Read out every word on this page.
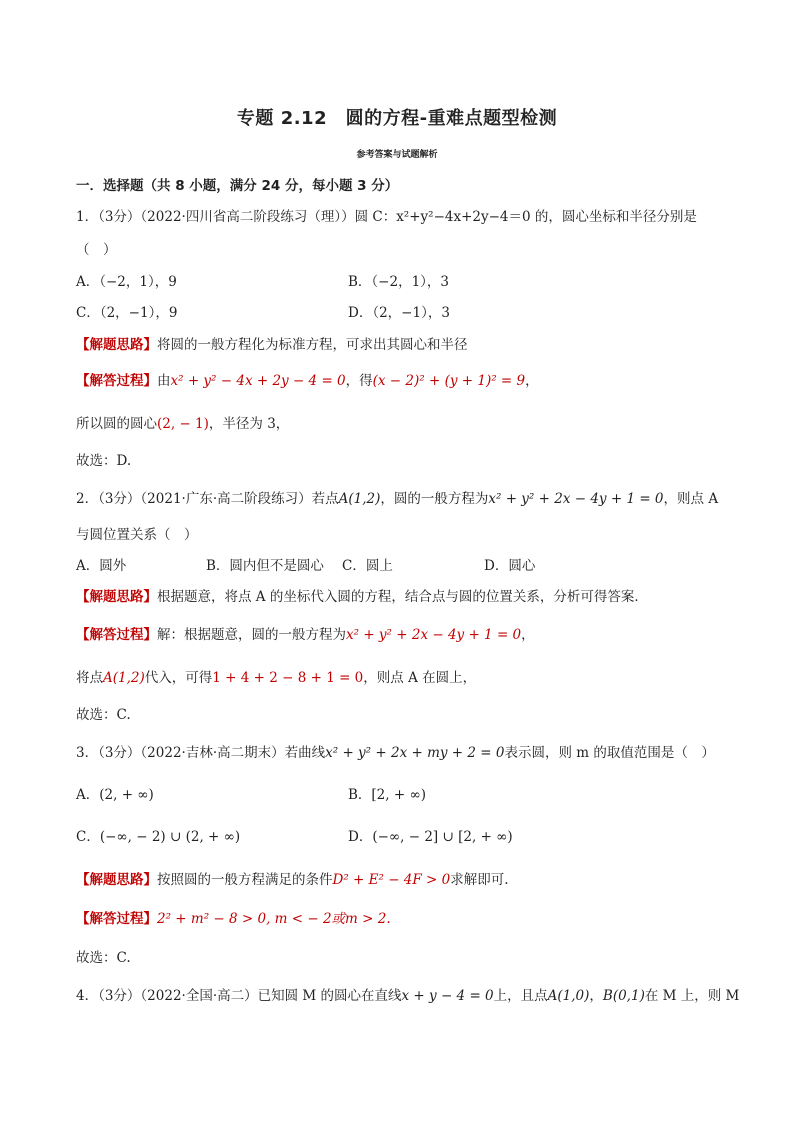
专题 2.12　圆的方程-重难点题型检测
参考答案与试题解析
一．选择题（共 8 小题，满分 24 分，每小题 3 分）
1．（3分）（2022·四川省高二阶段练习（理））圆 C：x²+y²−4x+2y−4＝0 的，圆心坐标和半径分别是
（　）
A．（−2，1），9	B．（−2，1），3
C．（2，−1），9	D．（2，−1），3
【解题思路】将圆的一般方程化为标准方程，可求出其圆心和半径
【解答过程】由x² + y² − 4x + 2y − 4 = 0，得(x − 2)² + (y + 1)² = 9，
所以圆的圆心(2, − 1)，半径为 3，
故选：D.
2．（3分）（2021·广东·高二阶段练习）若点A(1,2)，圆的一般方程为x² + y² + 2x − 4y + 1 = 0，则点 A
与圆位置关系（　）
A．圆外	B．圆内但不是圆心 C．圆上	D．圆心
【解题思路】根据题意，将点 A 的坐标代入圆的方程，结合点与圆的位置关系，分析可得答案．
【解答过程】解：根据题意，圆的一般方程为x² + y² + 2x − 4y + 1 = 0，
将点A(1,2)代入，可得1 + 4 + 2 − 8 + 1 = 0，则点 A 在圆上，
故选：C.
3．（3分）（2022·吉林·高二期末）若曲线x² + y² + 2x + my + 2 = 0表示圆，则 m 的取值范围是（　）
A．(2, + ∞)	B．[2, + ∞)
C．(−∞, − 2) ∪ (2, + ∞)	D．(−∞, − 2] ∪ [2, + ∞)
【解题思路】按照圆的一般方程满足的条件D² + E² − 4F > 0求解即可.
【解答过程】2² + m² − 8 > 0, m < − 2或m > 2.
故选：C.
4．（3分）（2022·全国·高二）已知圆 M 的圆心在直线x + y − 4 = 0上，且点A(1,0)，B(0,1)在 M 上，则 M
